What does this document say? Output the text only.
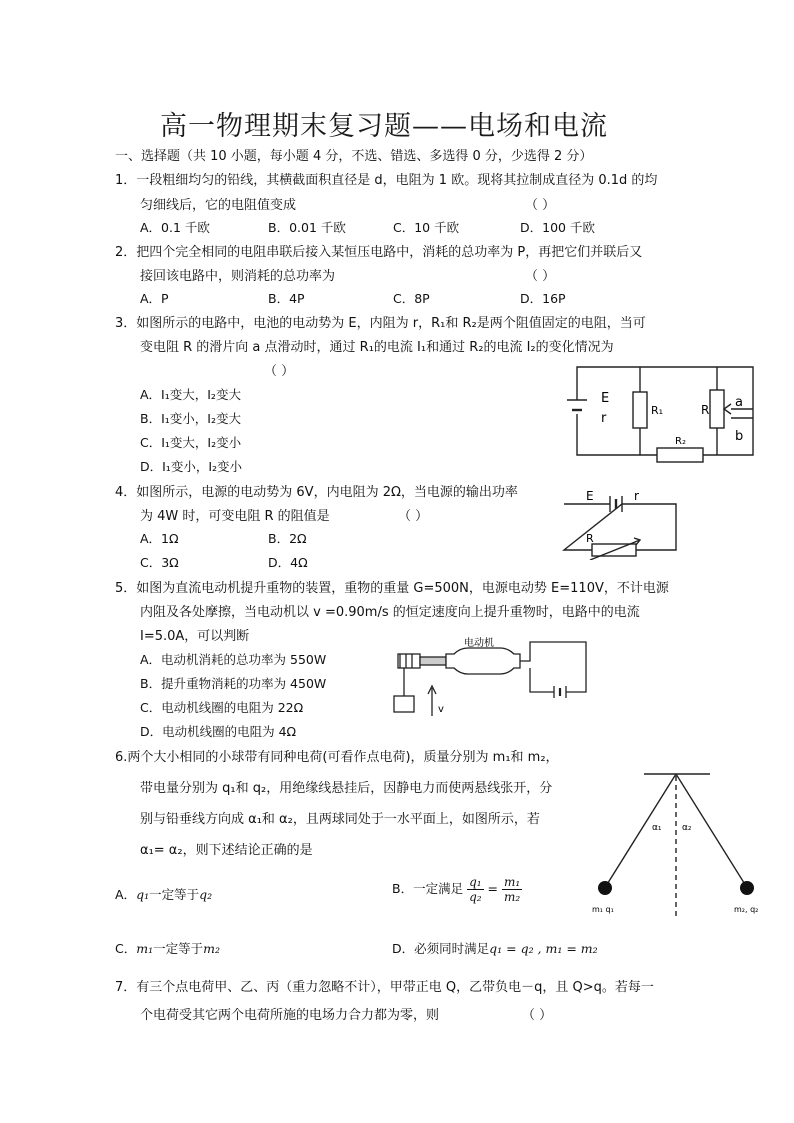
高一物理期末复习题——电场和电流
一、选择题（共 10 小题，每小题 4 分，不选、错选、多选得 0 分，少选得 2 分）
1．一段粗细均匀的铅线，其横截面积直径是 d，电阻为 1 欧。现将其拉制成直径为 0.1d 的均
匀细线后，它的电阻值变成	（ ）
A．0.1 千欧	B．0.01 千欧	C．10 千欧	D．100 千欧
2．把四个完全相同的电阻串联后接入某恒压电路中，消耗的总功率为 P，再把它们并联后又
接回该电路中，则消耗的总功率为	（ ）
A．P	B．4P	C．8P	D．16P
3．如图所示的电路中，电池的电动势为 E，内阻为 r，R₁和 R₂是两个阻值固定的电阻，当可
变电阻 R 的滑片向 a 点滑动时，通过 R₁的电流 I₁和通过 R₂的电流 I₂的变化情况为
（ ）
A．I₁变大，I₂变大
B．I₁变小，I₂变大
C．I₁变大，I₂变小
D．I₁变小，I₂变小
E
r
R₁	R a
b
R₂
4．如图所示，电源的电动势为 6V，内电阻为 2Ω，当电源的输出功率
为 4W 时，可变电阻 R 的阻值是	（ ）
A．1Ω	B．2Ω
C．3Ω	D．4Ω
E	r
R
5．如图为直流电动机提升重物的装置，重物的重量 G=500N，电源电动势 E=110V，不计电源
内阻及各处摩擦，当电动机以 v =0.90m/s 的恒定速度向上提升重物时，电路中的电流
I=5.0A，可以判断
A．电动机消耗的总功率为 550W
B．提升重物消耗的功率为 450W
C．电动机线圈的电阻为 22Ω
D．电动机线圈的电阻为 4Ω
电动机
v
6.两个大小相同的小球带有同种电荷(可看作点电荷)，质量分别为 m₁和 m₂，
带电量分别为 q₁和 q₂，用绝缘线悬挂后，因静电力而使两悬线张开，分
别与铅垂线方向成 α₁和 α₂，且两球同处于一水平面上，如图所示，若
α₁= α₂，则下述结论正确的是
A．q₁一定等于q₂	B．一定满足 $\frac{\text{q₁}}{\text{q₂}} = \frac{\text{m₁}}{\text{m₂}}$
C．m₁一定等于m₂	D．必须同时满足q₁ = q₂ , m₁ = m₂
α₁ α₂
m₁ q₁	m₂, q₂
7．有三个点电荷甲、乙、丙（重力忽略不计），甲带正电 Q，乙带负电－q，且 Q>q。若每一
个电荷受其它两个电荷所施的电场力合力都为零，则	（ ）
